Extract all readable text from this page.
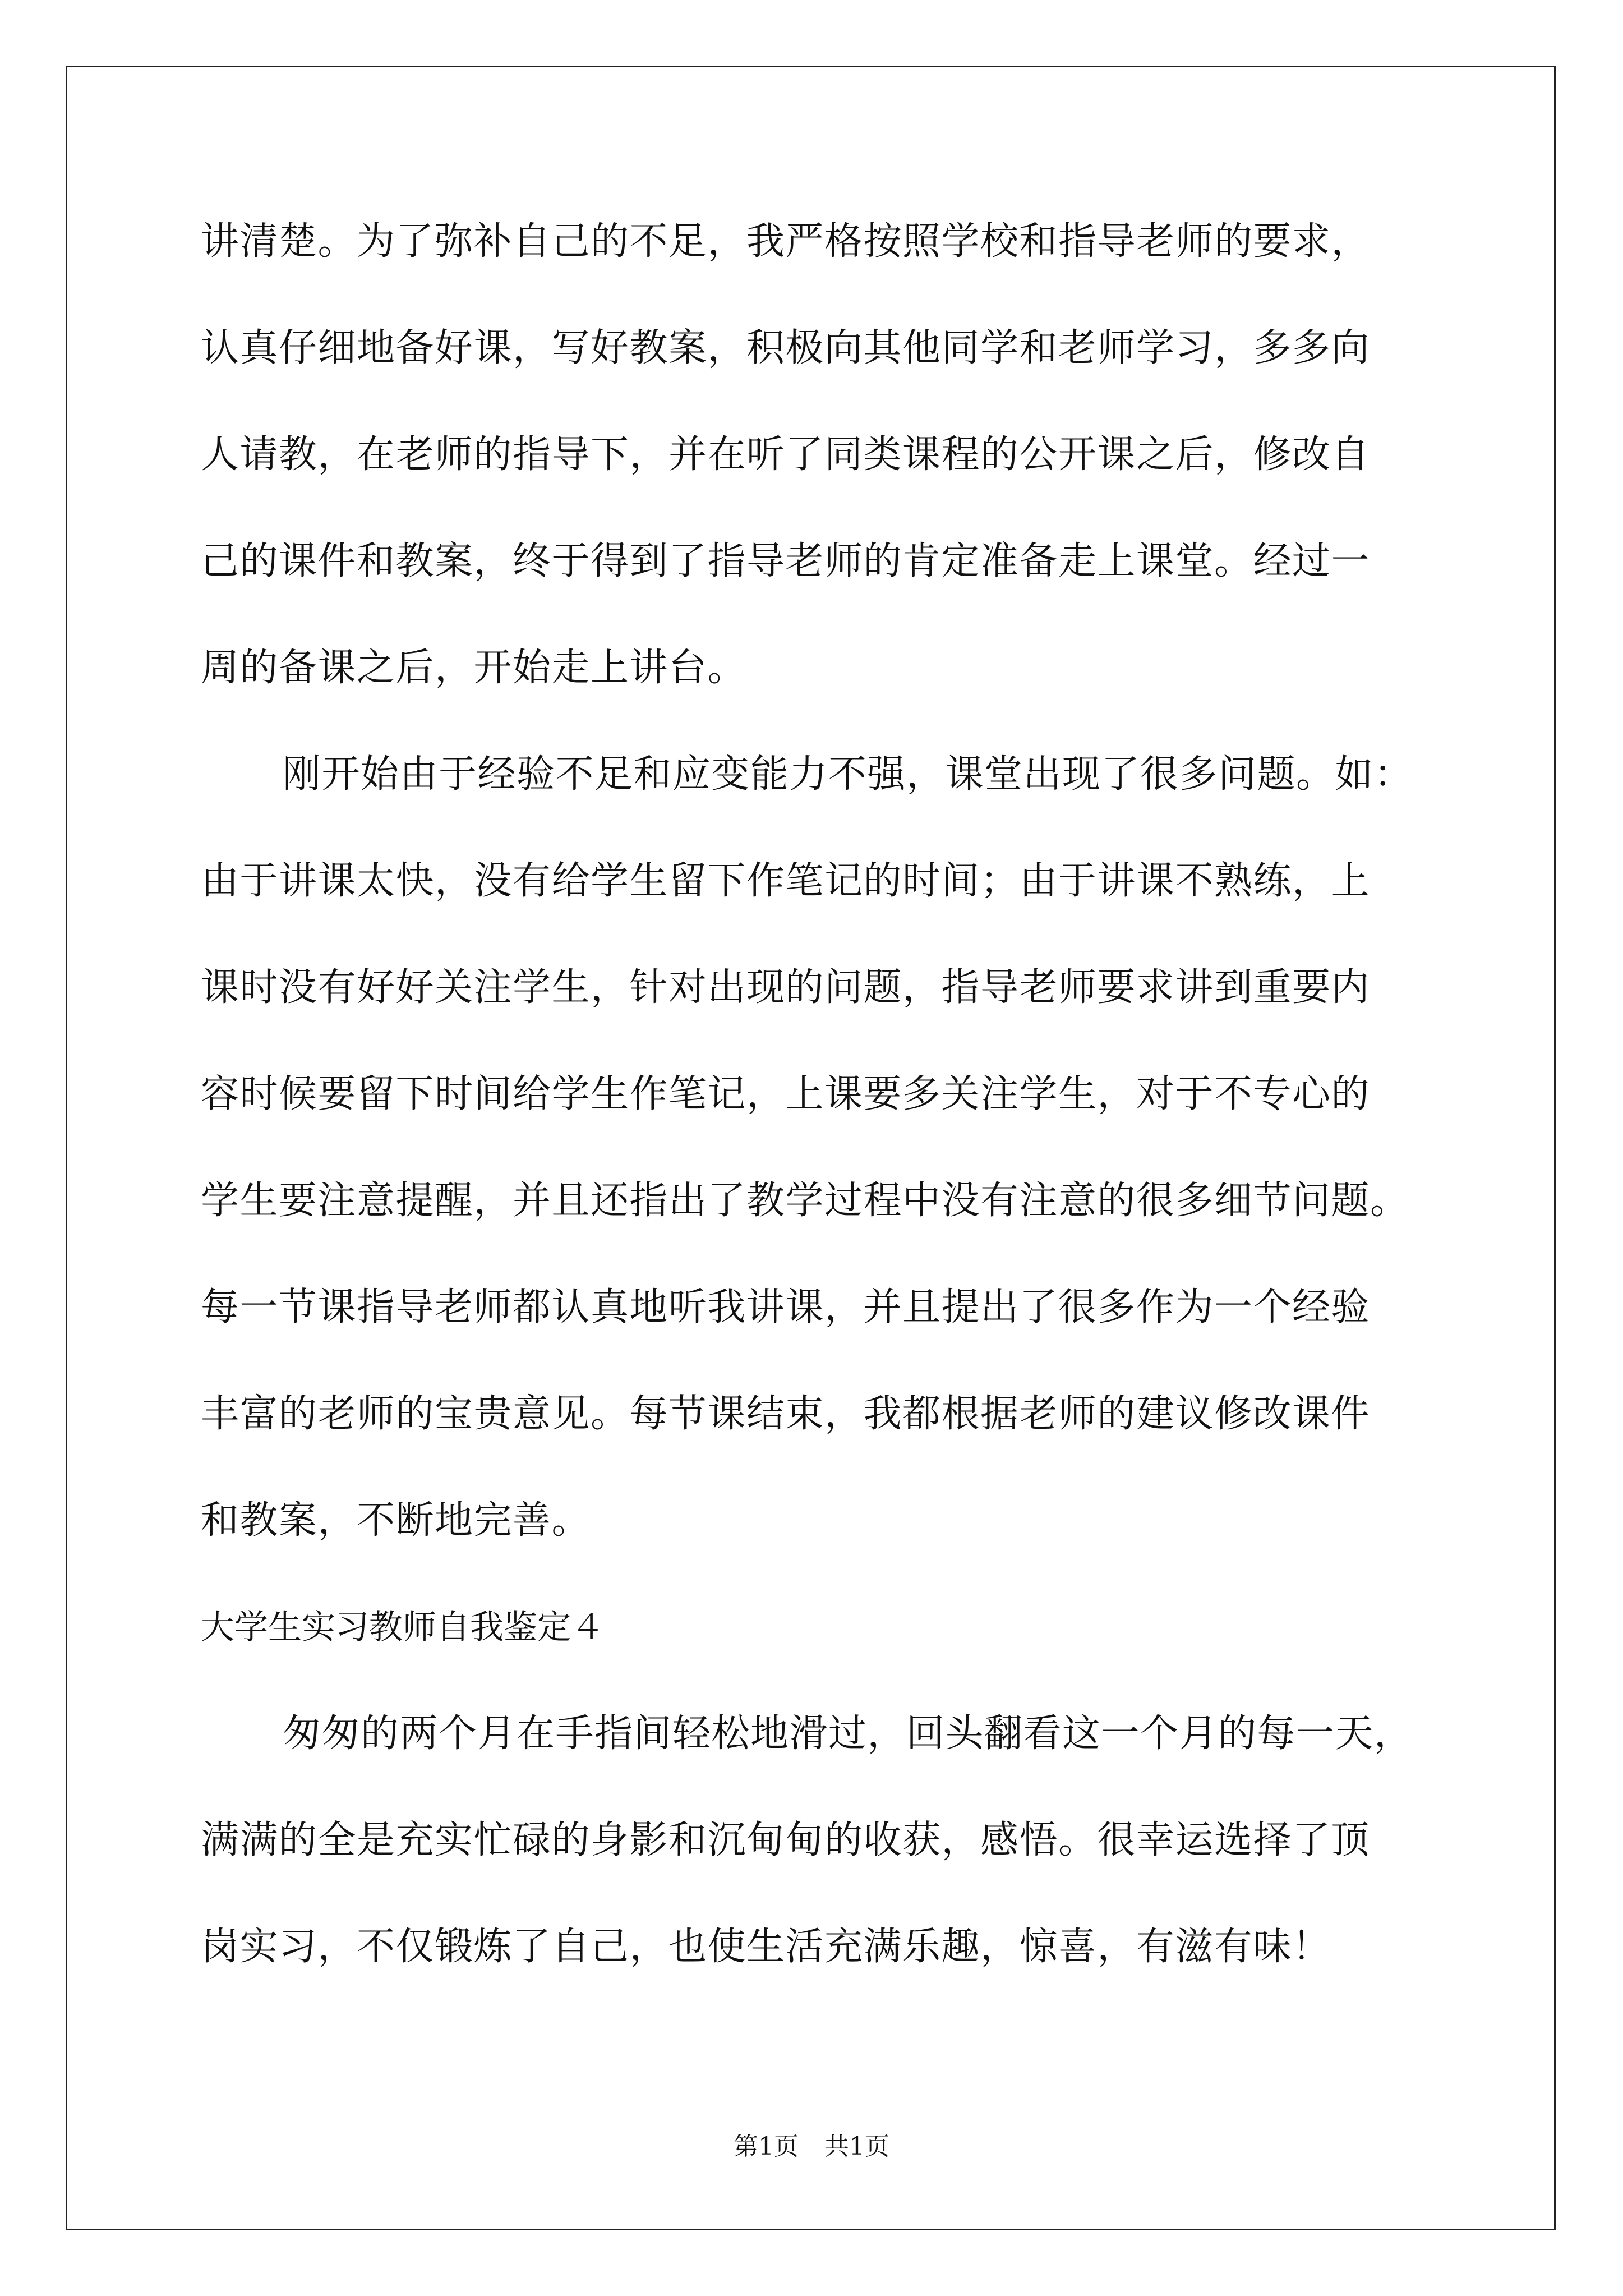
讲清楚。为了弥补自己的不足，我严格按照学校和指导老师的要求，
认真仔细地备好课，写好教案，积极向其他同学和老师学习，多多向
人请教，在老师的指导下，并在听了同类课程的公开课之后，修改自
己的课件和教案，终于得到了指导老师的肯定准备走上课堂。经过一
周的备课之后，开始走上讲台。
刚开始由于经验不足和应变能力不强，课堂出现了很多问题。如：
由于讲课太快，没有给学生留下作笔记的时间；由于讲课不熟练，上
课时没有好好关注学生，针对出现的问题，指导老师要求讲到重要内
容时候要留下时间给学生作笔记，上课要多关注学生，对于不专心的
学生要注意提醒，并且还指出了教学过程中没有注意的很多细节问题。
每一节课指导老师都认真地听我讲课，并且提出了很多作为一个经验
丰富的老师的宝贵意见。每节课结束，我都根据老师的建议修改课件
和教案，不断地完善。
大学生实习教师自我鉴定４
匆匆的两个月在手指间轻松地滑过，回头翻看这一个月的每一天，
满满的全是充实忙碌的身影和沉甸甸的收获，感悟。很幸运选择了顶
岗实习，不仅锻炼了自己，也使生活充满乐趣，惊喜，有滋有味！
第1页 共1页
